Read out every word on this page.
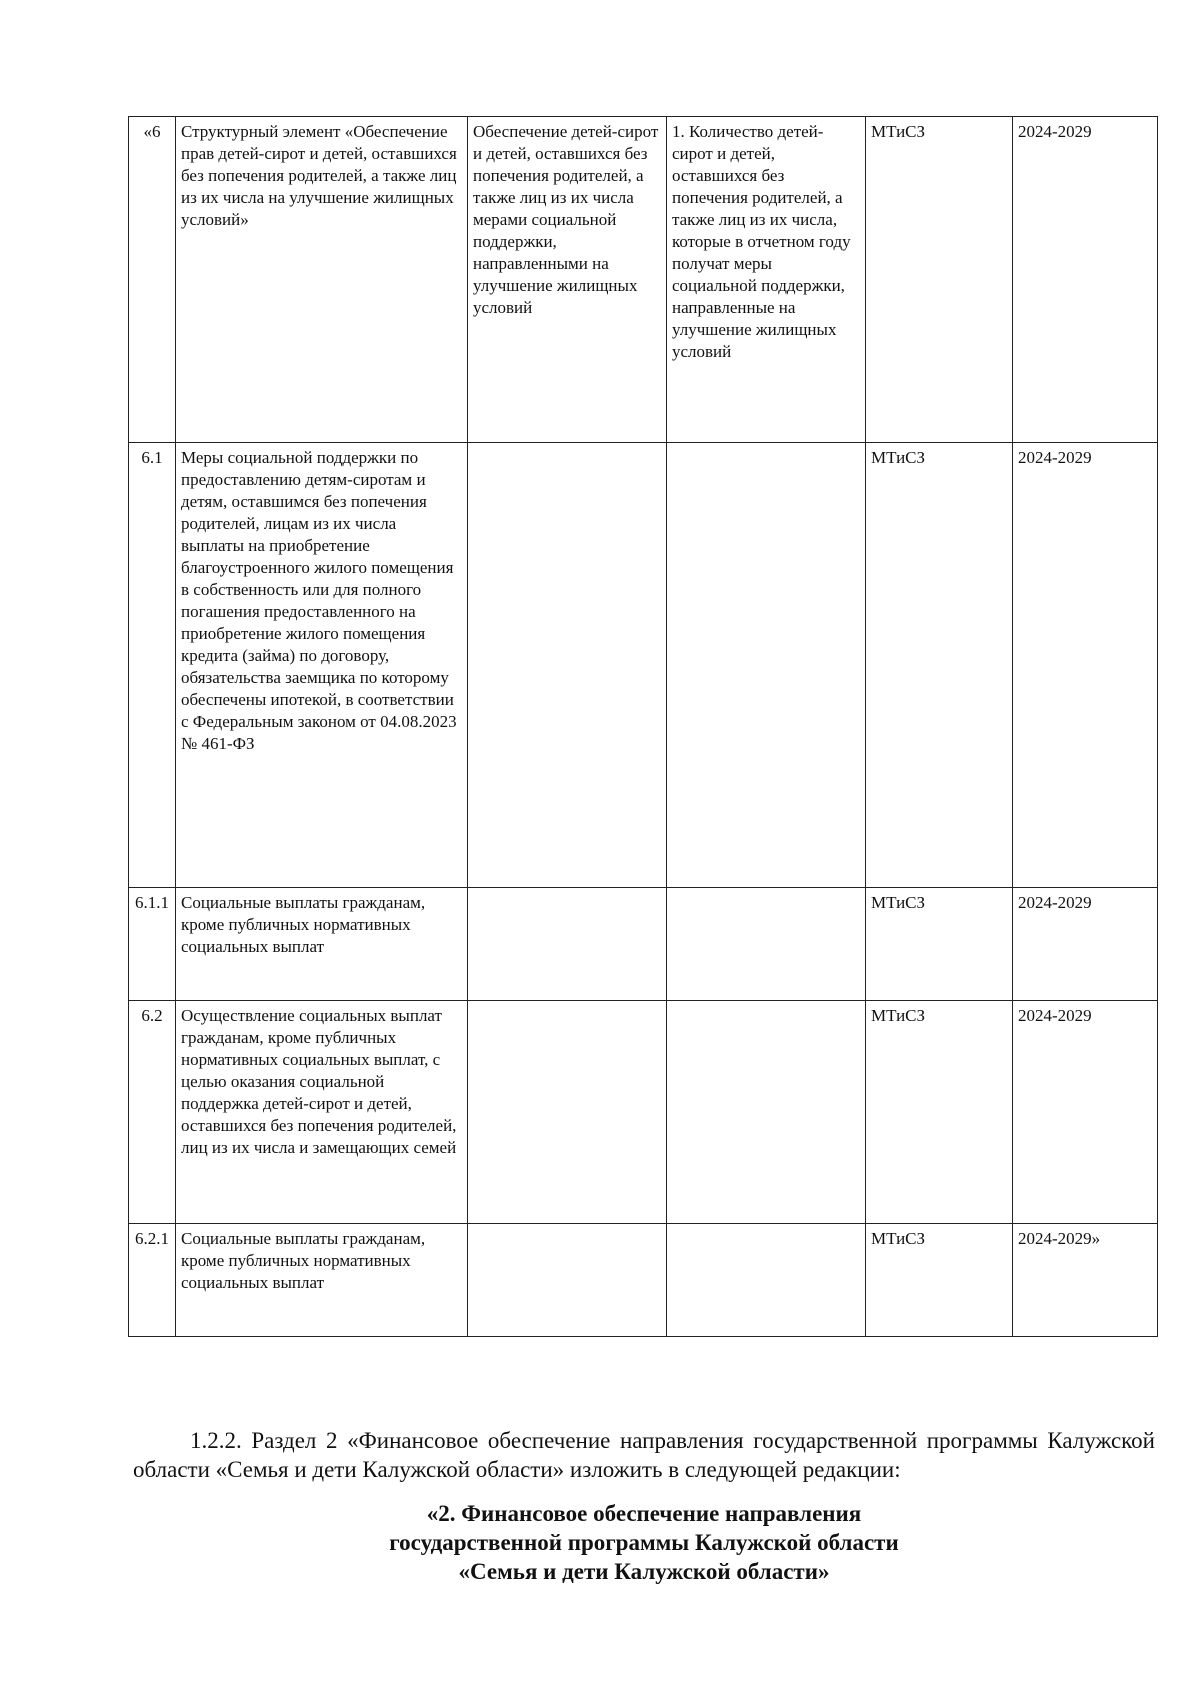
«6	Структурный элемент «Обеспечение прав детей-сирот и детей, оставшихся без попечения родителей, а также лиц из их числа на улучшение жилищных условий»	Обеспечение детей-сирот и детей, оставшихся без попечения родителей, а также лиц из их числа мерами социальной поддержки, направленными на улучшение жилищных условий	1. Количество детей-сирот и детей, оставшихся без попечения родителей, а также лиц из их числа, которые в отчетном году получат меры социальной поддержки, направленные на улучшение жилищных условий	МТиСЗ	2024-2029
6.1	Меры социальной поддержки по предоставлению детям-сиротам и детям, оставшимся без попечения родителей, лицам из их числа выплаты на приобретение благоустроенного жилого помещения в собственность или для полного погашения предоставленного на приобретение жилого помещения кредита (займа) по договору, обязательства заемщика по которому обеспечены ипотекой, в соответствии с Федеральным законом от 04.08.2023 № 461-ФЗ			МТиСЗ	2024-2029
6.1.1	Социальные выплаты гражданам, кроме публичных нормативных социальных выплат			МТиСЗ	2024-2029
6.2	Осуществление социальных выплат гражданам, кроме публичных нормативных социальных выплат, с целью оказания социальной поддержка детей-сирот и детей, оставшихся без попечения родителей, лиц из их числа и замещающих семей			МТиСЗ	2024-2029
6.2.1	Социальные выплаты гражданам, кроме публичных нормативных социальных выплат			МТиСЗ	2024-2029»

1.2.2. Раздел 2 «Финансовое обеспечение направления государственной программы Калужской области «Семья и дети Калужской области» изложить в следующей редакции:

«2. Финансовое обеспечение направления
государственной программы Калужской области
«Семья и дети Калужской области»
